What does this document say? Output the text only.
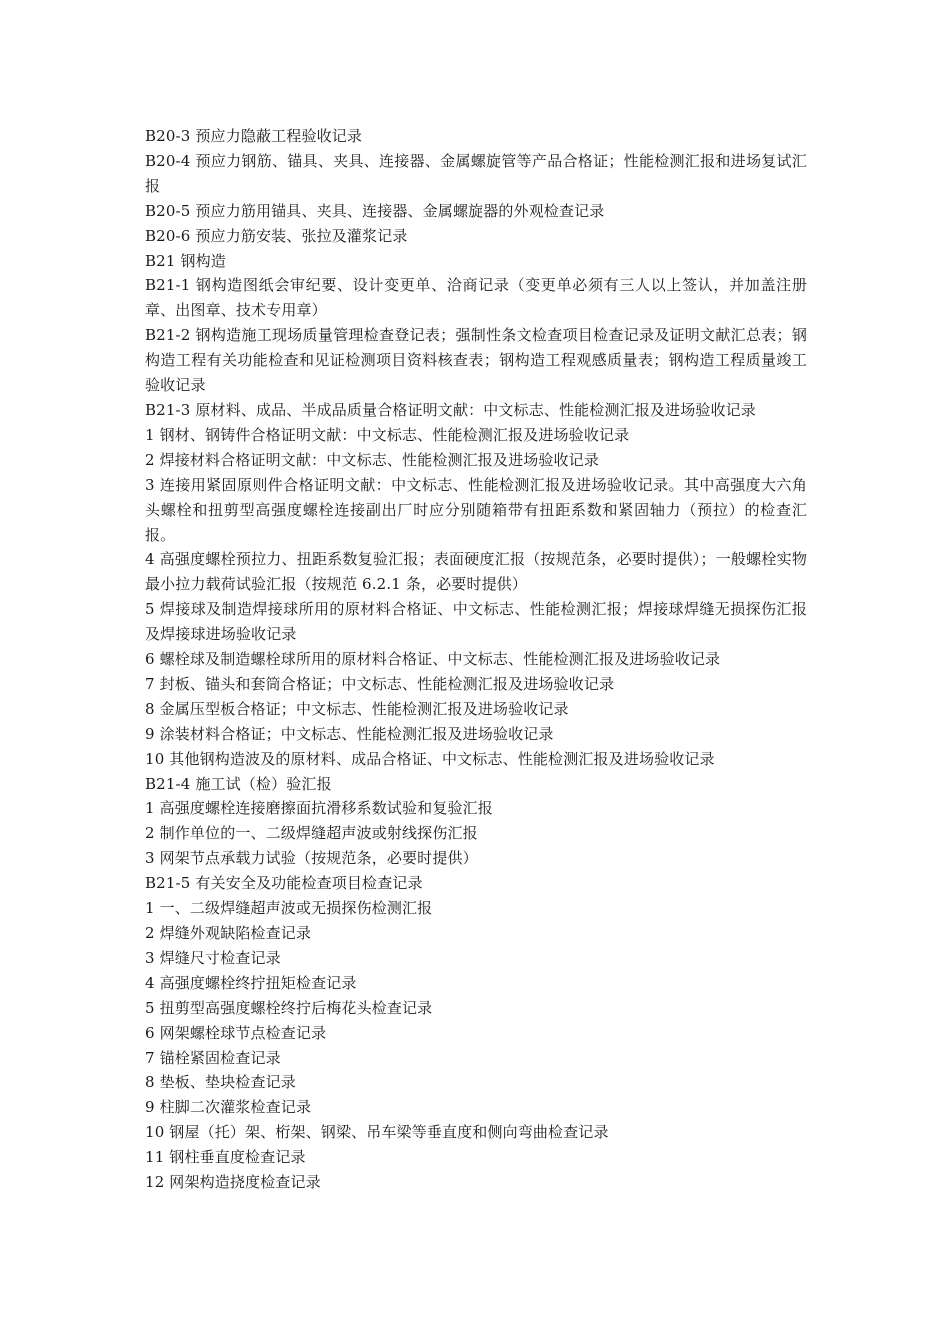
B20-3 预应力隐蔽工程验收记录

B20-4 预应力钢筋、锚具、夹具、连接器、金属螺旋管等产品合格证；性能检测汇报和进场复试汇报

B20-5 预应力筋用锚具、夹具、连接器、金属螺旋器的外观检查记录

B20-6 预应力筋安装、张拉及灌浆记录

B21 钢构造

B21-1 钢构造图纸会审纪要、设计变更单、洽商记录（变更单必须有三人以上签认，并加盖注册章、出图章、技术专用章）

B21-2 钢构造施工现场质量管理检查登记表；强制性条文检查项目检查记录及证明文献汇总表；钢构造工程有关功能检查和见证检测项目资料核查表；钢构造工程观感质量表；钢构造工程质量竣工验收记录

B21-3 原材料、成品、半成品质量合格证明文献：中文标志、性能检测汇报及进场验收记录

1 钢材、钢铸件合格证明文献：中文标志、性能检测汇报及进场验收记录

2 焊接材料合格证明文献：中文标志、性能检测汇报及进场验收记录

3 连接用紧固原则件合格证明文献：中文标志、性能检测汇报及进场验收记录。其中高强度大六角头螺栓和扭剪型高强度螺栓连接副出厂时应分别随箱带有扭距系数和紧固轴力（预拉）的检查汇报。

4 高强度螺栓预拉力、扭距系数复验汇报；表面硬度汇报（按规范条，必要时提供）；一般螺栓实物最小拉力载荷试验汇报（按规范 6.2.1 条，必要时提供）

5 焊接球及制造焊接球所用的原材料合格证、中文标志、性能检测汇报；焊接球焊缝无损探伤汇报及焊接球进场验收记录

6 螺栓球及制造螺栓球所用的原材料合格证、中文标志、性能检测汇报及进场验收记录

7 封板、锚头和套筒合格证；中文标志、性能检测汇报及进场验收记录

8 金属压型板合格证；中文标志、性能检测汇报及进场验收记录

9 涂装材料合格证；中文标志、性能检测汇报及进场验收记录

10 其他钢构造波及的原材料、成品合格证、中文标志、性能检测汇报及进场验收记录

B21-4 施工试（检）验汇报

1 高强度螺栓连接磨擦面抗滑移系数试验和复验汇报

2 制作单位的一、二级焊缝超声波或射线探伤汇报

3 网架节点承载力试验（按规范条，必要时提供）

B21-5 有关安全及功能检查项目检查记录

1 一、二级焊缝超声波或无损探伤检测汇报

2 焊缝外观缺陷检查记录

3 焊缝尺寸检查记录

4 高强度螺栓终拧扭矩检查记录

5 扭剪型高强度螺栓终拧后梅花头检查记录

6 网架螺栓球节点检查记录

7 锚栓紧固检查记录

8 垫板、垫块检查记录

9 柱脚二次灌浆检查记录

10 钢屋（托）架、桁架、钢梁、吊车梁等垂直度和侧向弯曲检查记录

11 钢柱垂直度检查记录

12 网架构造挠度检查记录
